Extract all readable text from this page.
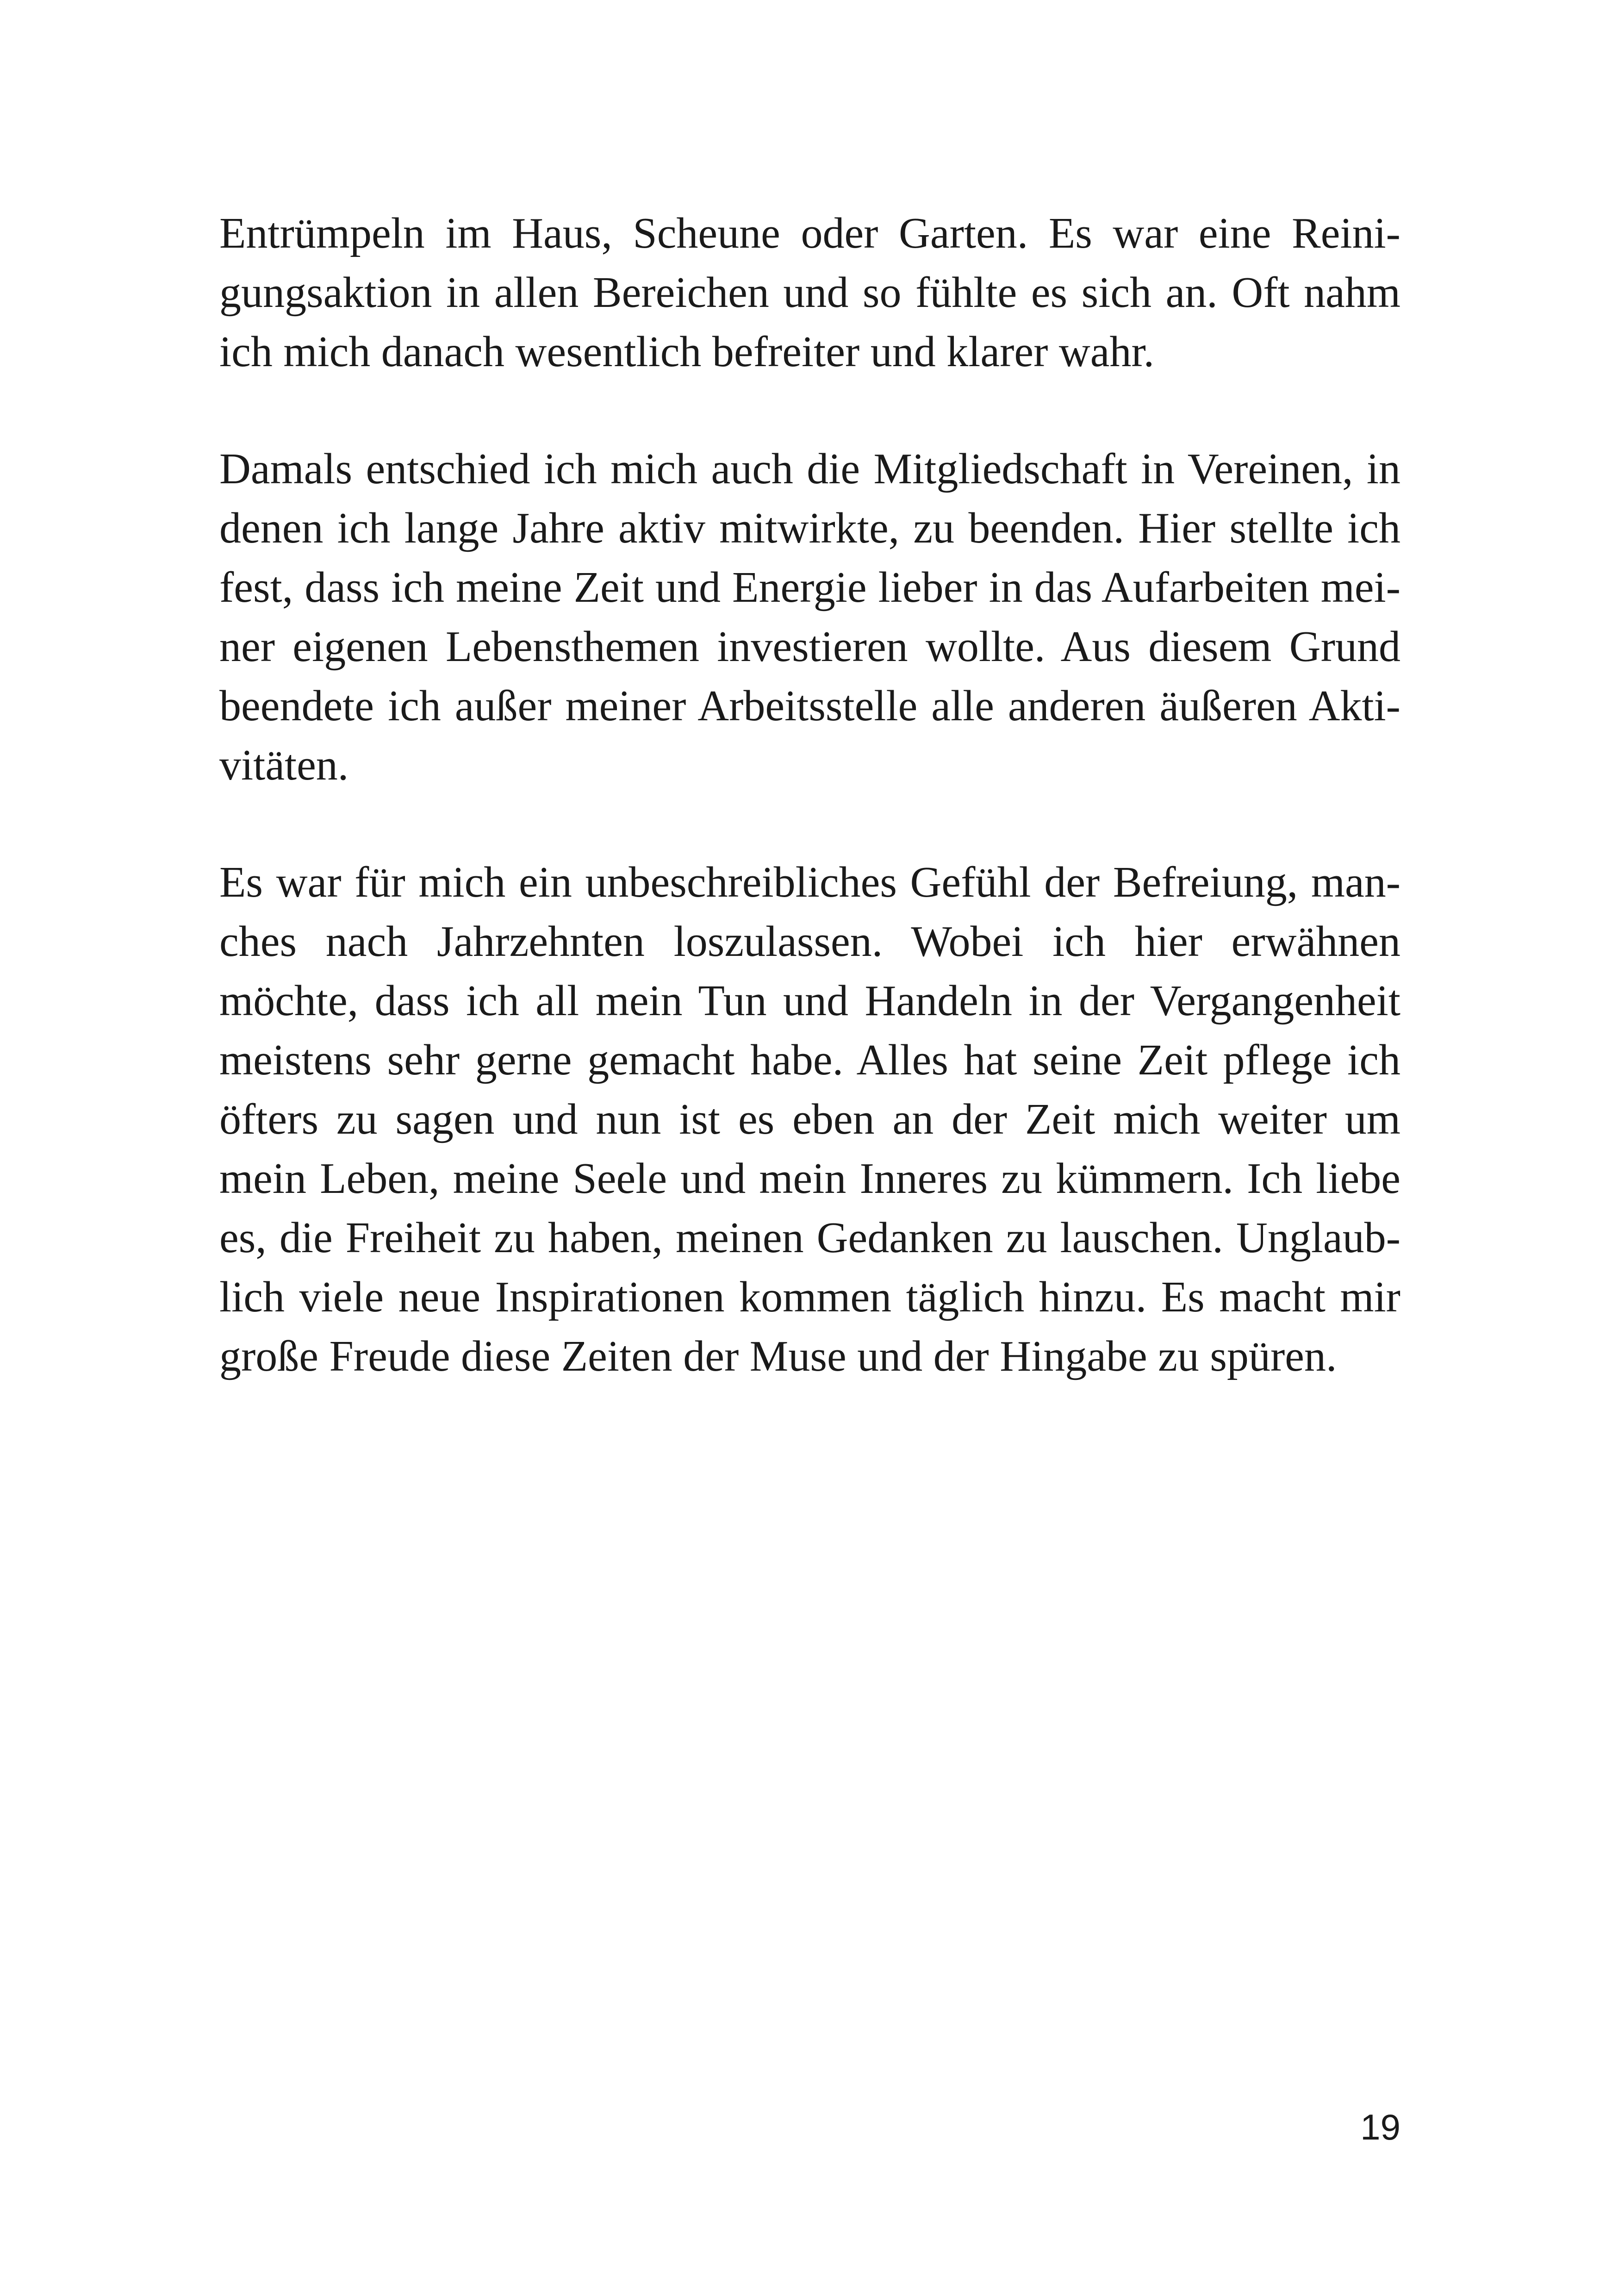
Entrümpeln im Haus, Scheune oder Garten. Es war eine Reini-
gungsaktion in allen Bereichen und so fühlte es sich an. Oft nahm
ich mich danach wesentlich befreiter und klarer wahr.
Damals entschied ich mich auch die Mitgliedschaft in Vereinen, in
denen ich lange Jahre aktiv mitwirkte, zu beenden. Hier stellte ich
fest, dass ich meine Zeit und Energie lieber in das Aufarbeiten mei-
ner eigenen Lebensthemen investieren wollte. Aus diesem Grund
beendete ich außer meiner Arbeitsstelle alle anderen äußeren Akti-
vitäten.
Es war für mich ein unbeschreibliches Gefühl der Befreiung, man-
ches nach Jahrzehnten loszulassen. Wobei ich hier erwähnen
möchte, dass ich all mein Tun und Handeln in der Vergangenheit
meistens sehr gerne gemacht habe. Alles hat seine Zeit pflege ich
öfters zu sagen und nun ist es eben an der Zeit mich weiter um
mein Leben, meine Seele und mein Inneres zu kümmern. Ich liebe
es, die Freiheit zu haben, meinen Gedanken zu lauschen. Unglaub-
lich viele neue Inspirationen kommen täglich hinzu. Es macht mir
große Freude diese Zeiten der Muse und der Hingabe zu spüren.
19
